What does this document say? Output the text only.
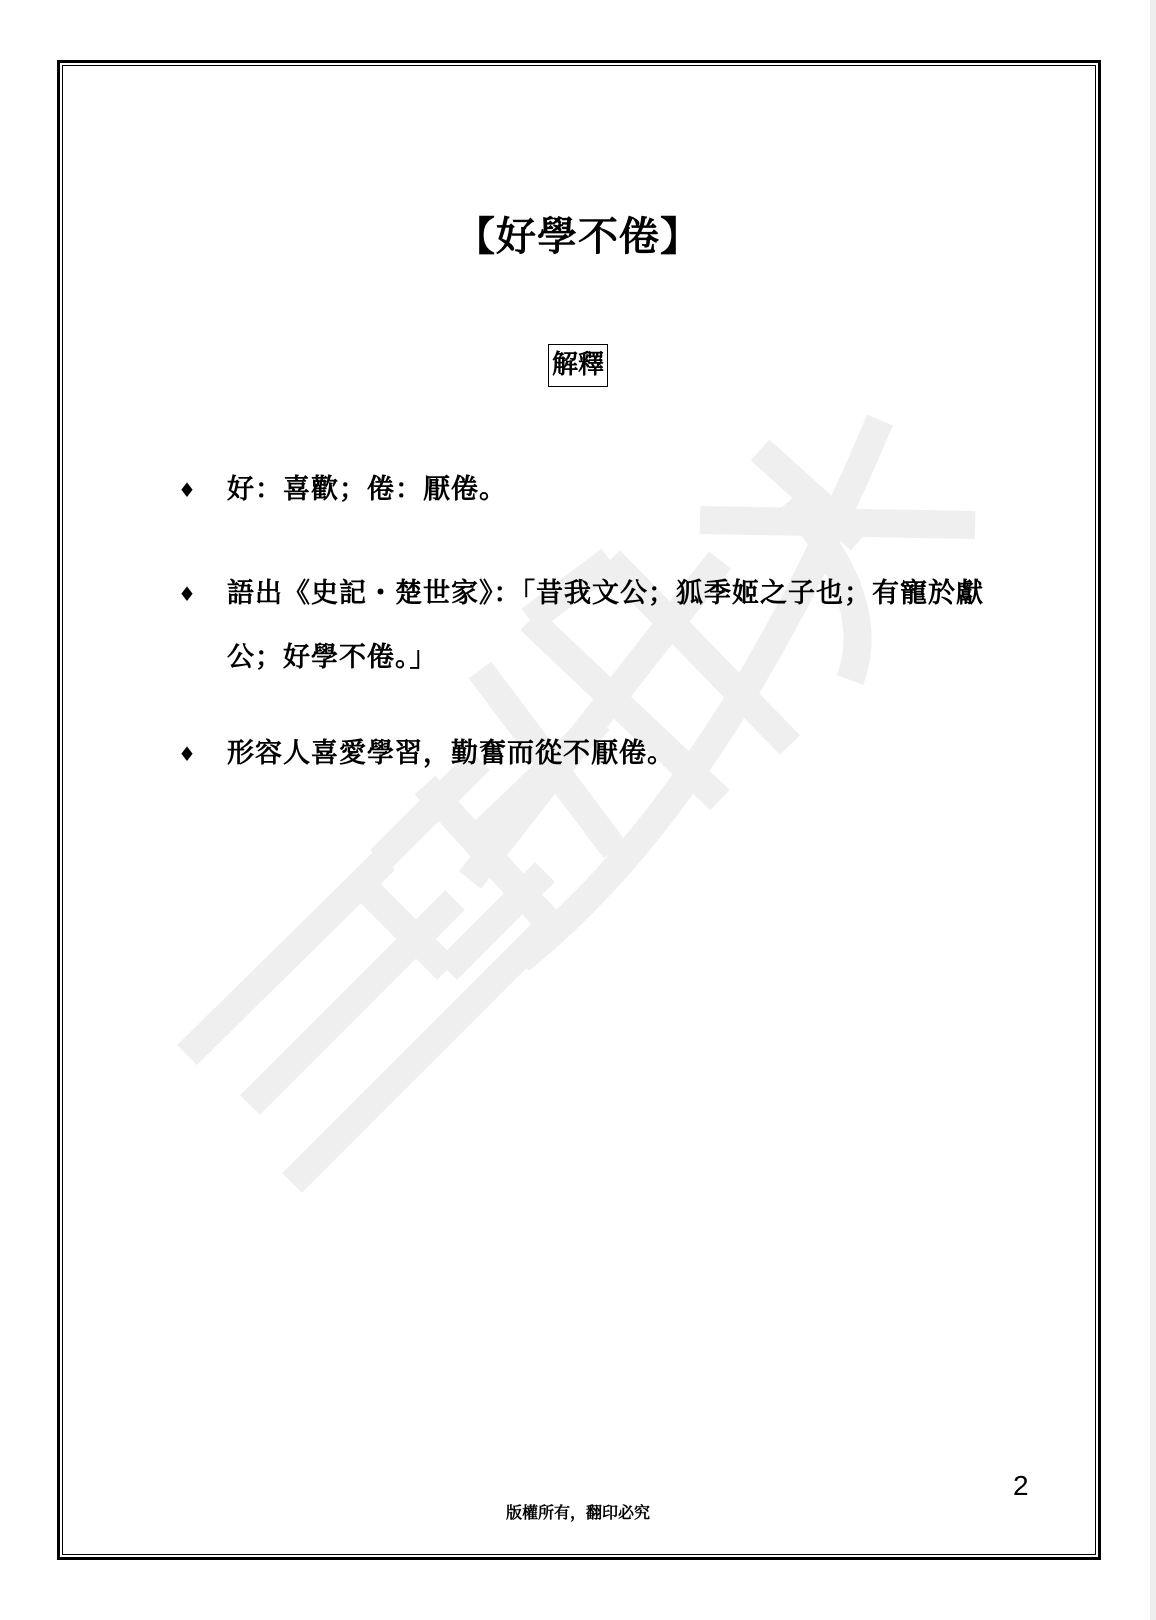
【好學不倦】
解釋
♦ 好：喜歡；倦：厭倦。
♦ 語出《史記・楚世家》：「昔我文公；狐季姬之子也；有寵於獻公；好學不倦。」
♦ 形容人喜愛學習，勤奮而從不厭倦。
2
版權所有，翻印必究
